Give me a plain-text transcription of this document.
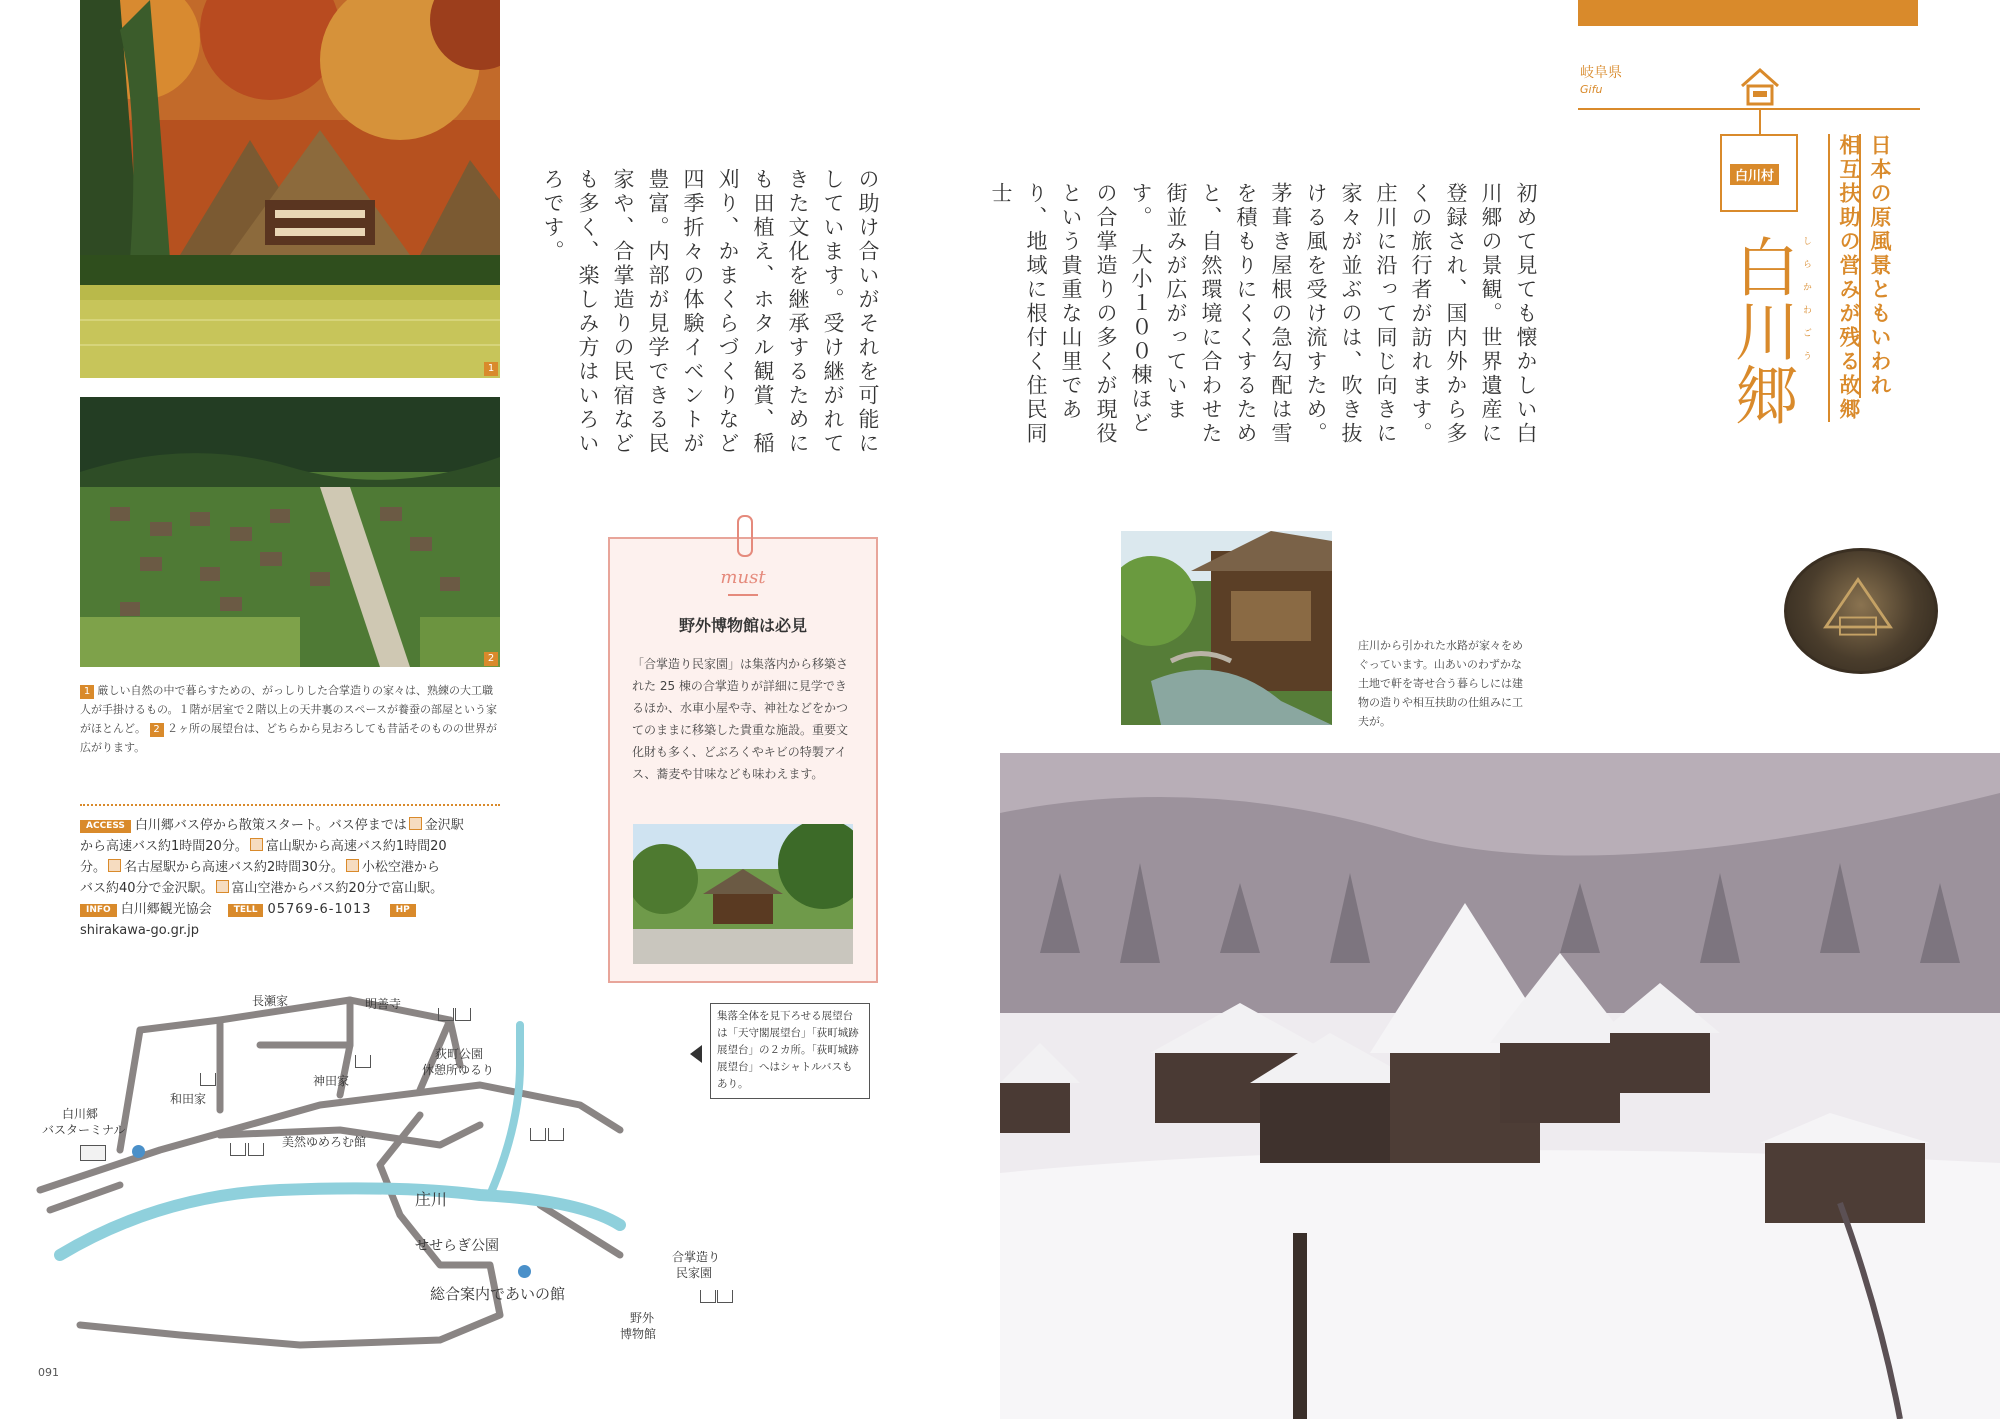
1
2
1 厳しい自然の中で暮らすための、がっしりした合掌造りの家々は、熟練の大工職人が手掛けるもの。１階が居室で２階以上の天井裏のスペースが養蚕の部屋という家がほとんど。 2 ２ヶ所の展望台は、どちらから見おろしても昔話そのものの世界が広がります。
ACCESS 白川郷バス停から散策スタート。バス停までは 金沢駅
から高速バス約1時間20分。 富山駅から高速バス約1時間20
分。 名古屋駅から高速バス約2時間30分。 小松空港から
バス約40分で金沢駅。 富山空港からバス約20分で富山駅。
INFO 白川郷観光協会 TELL 05769-6-1013	HP
shirakawa-go.gr.jp
長瀬家	明善寺
和田家
神田家
荻町公園
休憩所ゆるり
白川郷
バスターミナル
美然ゆめろむ館
庄川
せせらぎ公園
総合案内であいの館
合掌造り
民家園
野外
博物館
集落全体を見下ろせる展望台は「天守閣展望台」「荻町城跡展望台」の２カ所。「荻町城跡展望台」へはシャトルバスもあり。
091
の助け合いがそれを可能にしています。受け継がれてきた文化を継承するためにも田植え、ホタル観賞、稲刈り、かまくらづくりなど四季折々の体験イベントが豊富。内部が見学できる民家や、合掌造りの民宿なども多く、楽しみ方はいろいろです。	初めて見ても懐かしい白川郷の景観。世界遺産に登録され、国内外から多くの旅行者が訪れます。庄川に沿って同じ向きに家々が並ぶのは、吹き抜ける風を受け流すため。茅葺き屋根の急勾配は雪を積もりにくくするためと、自然環境に合わせた街並みが広がっています。　大小１００棟ほどの合掌造りの多くが現役という貴重な山里であり、地域に根付く住民同士
must
野外博物館は必見
「合掌造り民家園」は集落内から移築された 25 棟の合掌造りが詳細に見学できるほか、水車小屋や寺、神社などをかつてのままに移築した貴重な施設。重要文化財も多く、どぶろくやキビの特製アイス、蕎麦や甘味なども味わえます。
岐阜県
Gifu
白川村
白川郷 しらかわごう	日本の原風景ともいわれ
相互扶助の営みが残る故郷
庄川から引かれた水路が家々をめぐっています。山あいのわずかな土地で軒を寄せ合う暮らしには建物の造りや相互扶助の仕組みに工夫が。
